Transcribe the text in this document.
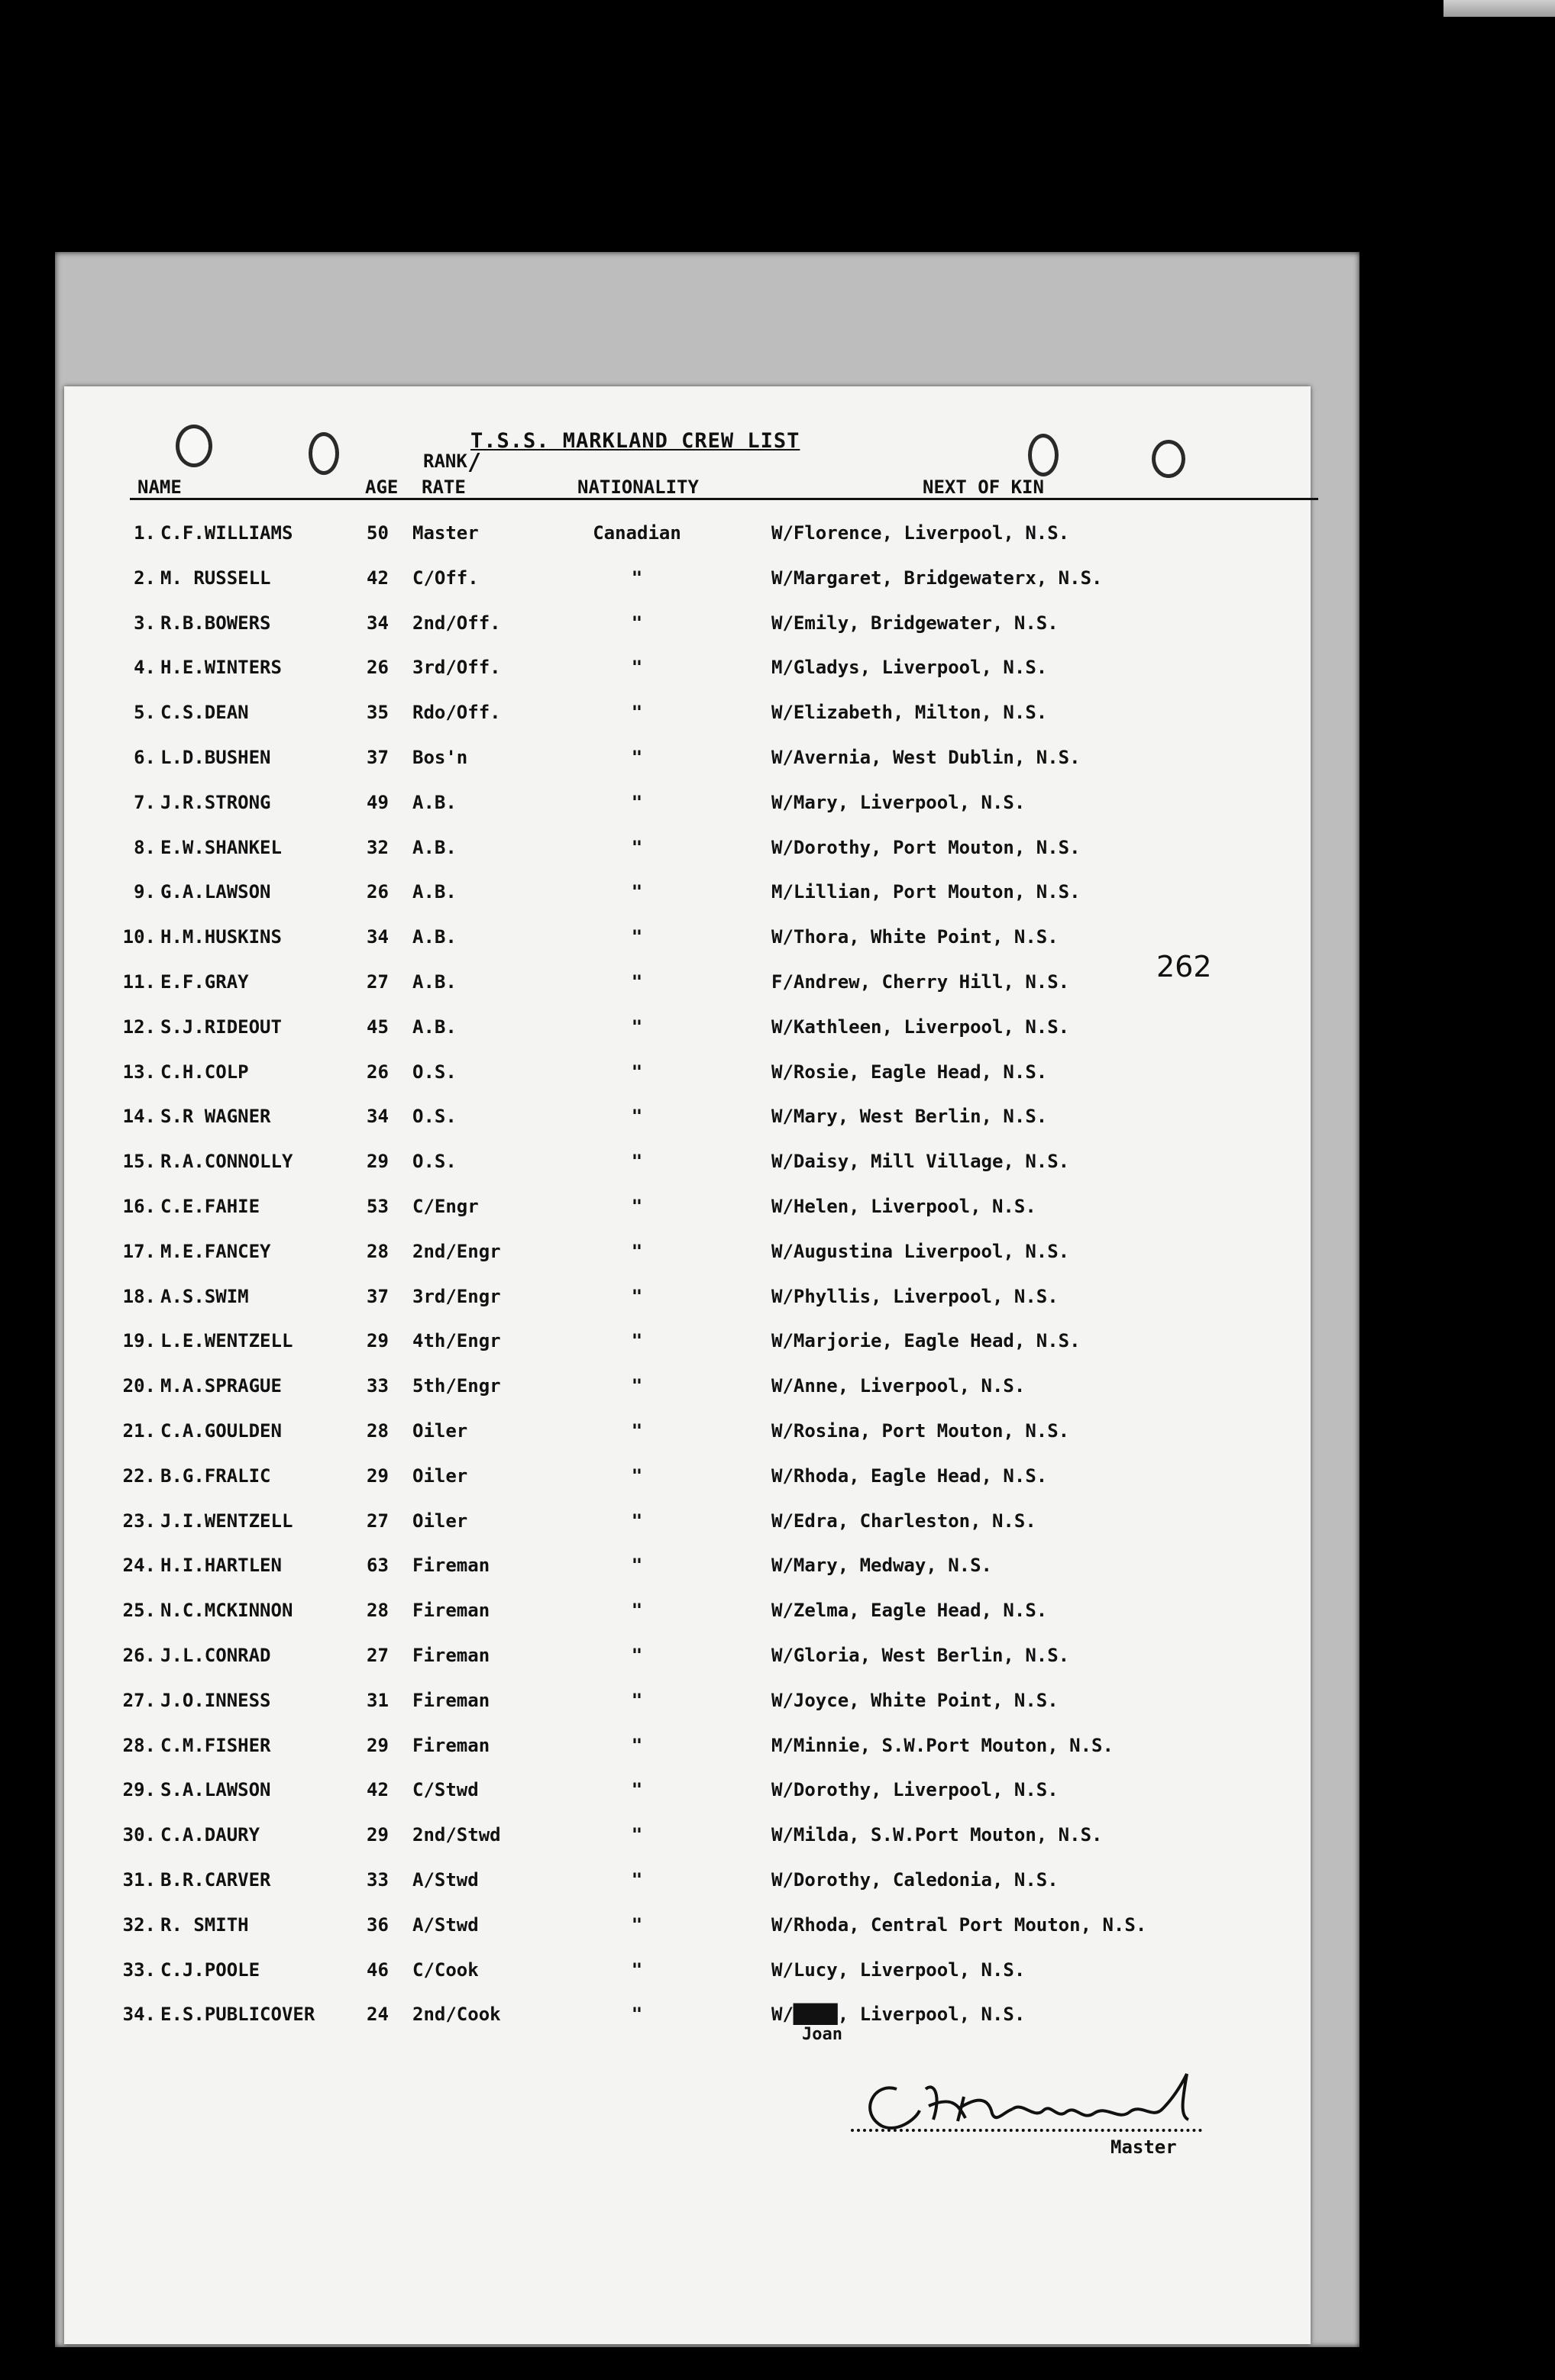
T.S.S. MARKLAND CREW LIST
RANK /
NAME	AGE RATE	NATIONALITY	NEXT OF KIN
1. C.F.WILLIAMS	50 Master	Canadian	W/Florence, Liverpool, N.S.
2. M. RUSSELL	42 C/Off.	"	W/Margaret, Bridgewaterx, N.S.
3. R.B.BOWERS	34 2nd/Off.	"	W/Emily, Bridgewater, N.S.
4. H.E.WINTERS	26 3rd/Off.	"	M/Gladys, Liverpool, N.S.
5. C.S.DEAN	35 Rdo/Off.	"	W/Elizabeth, Milton, N.S.
6. L.D.BUSHEN	37 Bos'n	"	W/Avernia, West Dublin, N.S.
7. J.R.STRONG	49 A.B.	"	W/Mary, Liverpool, N.S.
8. E.W.SHANKEL	32 A.B.	"	W/Dorothy, Port Mouton, N.S.
9. G.A.LAWSON	26 A.B.	"	M/Lillian, Port Mouton, N.S.
10. H.M.HUSKINS	34 A.B.	"	W/Thora, White Point, N.S.
11. E.F.GRAY	27 A.B.	"	F/Andrew, Cherry Hill, N.S.
12. S.J.RIDEOUT	45 A.B.	"	W/Kathleen, Liverpool, N.S.
13. C.H.COLP	26 O.S.	"	W/Rosie, Eagle Head, N.S.
14. S.R WAGNER	34 O.S.	"	W/Mary, West Berlin, N.S.
15. R.A.CONNOLLY	29 O.S.	"	W/Daisy, Mill Village, N.S.
16. C.E.FAHIE	53 C/Engr	"	W/Helen, Liverpool, N.S.
17. M.E.FANCEY	28 2nd/Engr	"	W/Augustina Liverpool, N.S.
18. A.S.SWIM	37 3rd/Engr	"	W/Phyllis, Liverpool, N.S.
19. L.E.WENTZELL	29 4th/Engr	"	W/Marjorie, Eagle Head, N.S.
20. M.A.SPRAGUE	33 5th/Engr	"	W/Anne, Liverpool, N.S.
21. C.A.GOULDEN	28 Oiler	"	W/Rosina, Port Mouton, N.S.
22. B.G.FRALIC	29 Oiler	"	W/Rhoda, Eagle Head, N.S.
23. J.I.WENTZELL	27 Oiler	"	W/Edra, Charleston, N.S.
24. H.I.HARTLEN	63 Fireman	"	W/Mary, Medway, N.S.
25. N.C.MCKINNON	28 Fireman	"	W/Zelma, Eagle Head, N.S.
26. J.L.CONRAD	27 Fireman	"	W/Gloria, West Berlin, N.S.
27. J.O.INNESS	31 Fireman	"	W/Joyce, White Point, N.S.
28. C.M.FISHER	29 Fireman	"	M/Minnie, S.W.Port Mouton, N.S.
29. S.A.LAWSON	42 C/Stwd	"	W/Dorothy, Liverpool, N.S.
30. C.A.DAURY	29 2nd/Stwd	"	W/Milda, S.W.Port Mouton, N.S.
31. B.R.CARVER	33 A/Stwd	"	W/Dorothy, Caledonia, N.S.
32. R. SMITH	36 A/Stwd	"	W/Rhoda, Central Port Mouton, N.S.
33. C.J.POOLE	46 C/Cook	"	W/Lucy, Liverpool, N.S.
34. E.S.PUBLICOVER	24 2nd/Cook	"	W/████, Liverpool, N.S.
262
Joan
Master
